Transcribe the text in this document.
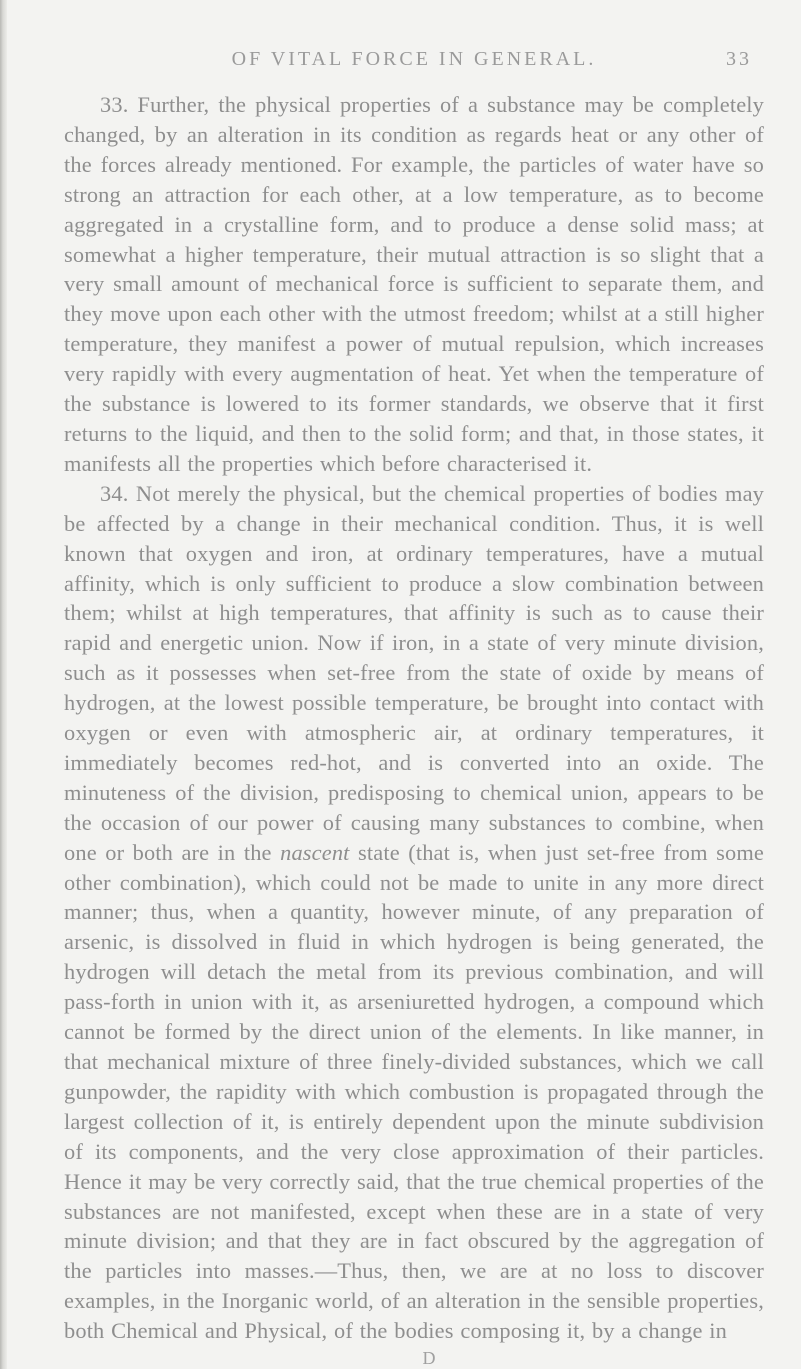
OF VITAL FORCE IN GENERAL.	33

33. Further, the physical properties of a substance may be completely changed, by an alteration in its condition as regards heat or any other of the forces already mentioned. For example, the particles of water have so strong an attraction for each other, at a low temperature, as to become aggregated in a crystalline form, and to produce a dense solid mass; at somewhat a higher temperature, their mutual attraction is so slight that a very small amount of mechanical force is sufficient to separate them, and they move upon each other with the utmost freedom; whilst at a still higher temperature, they manifest a power of mutual repulsion, which increases very rapidly with every augmentation of heat. Yet when the temperature of the substance is lowered to its former standards, we observe that it first returns to the liquid, and then to the solid form; and that, in those states, it manifests all the properties which before characterised it.

34. Not merely the physical, but the chemical properties of bodies may be affected by a change in their mechanical condition. Thus, it is well known that oxygen and iron, at ordinary temperatures, have a mutual affinity, which is only sufficient to produce a slow combination between them; whilst at high temperatures, that affinity is such as to cause their rapid and energetic union. Now if iron, in a state of very minute division, such as it possesses when set-free from the state of oxide by means of hydrogen, at the lowest possible temperature, be brought into contact with oxygen or even with atmospheric air, at ordinary temperatures, it immediately becomes red-hot, and is converted into an oxide. The minuteness of the division, predisposing to chemical union, appears to be the occasion of our power of causing many substances to combine, when one or both are in the nascent state (that is, when just set-free from some other combination), which could not be made to unite in any more direct manner; thus, when a quantity, however minute, of any preparation of arsenic, is dissolved in fluid in which hydrogen is being generated, the hydrogen will detach the metal from its previous combination, and will pass-forth in union with it, as arseniuretted hydrogen, a compound which cannot be formed by the direct union of the elements. In like manner, in that mechanical mixture of three finely-divided substances, which we call gunpowder, the rapidity with which combustion is propagated through the largest collection of it, is entirely dependent upon the minute subdivision of its components, and the very close approximation of their particles. Hence it may be very correctly said, that the true chemical properties of the substances are not manifested, except when these are in a state of very minute division; and that they are in fact obscured by the aggregation of the particles into masses.—Thus, then, we are at no loss to discover examples, in the Inorganic world, of an alteration in the sensible properties, both Chemical and Physical, of the bodies composing it, by a change in

D
